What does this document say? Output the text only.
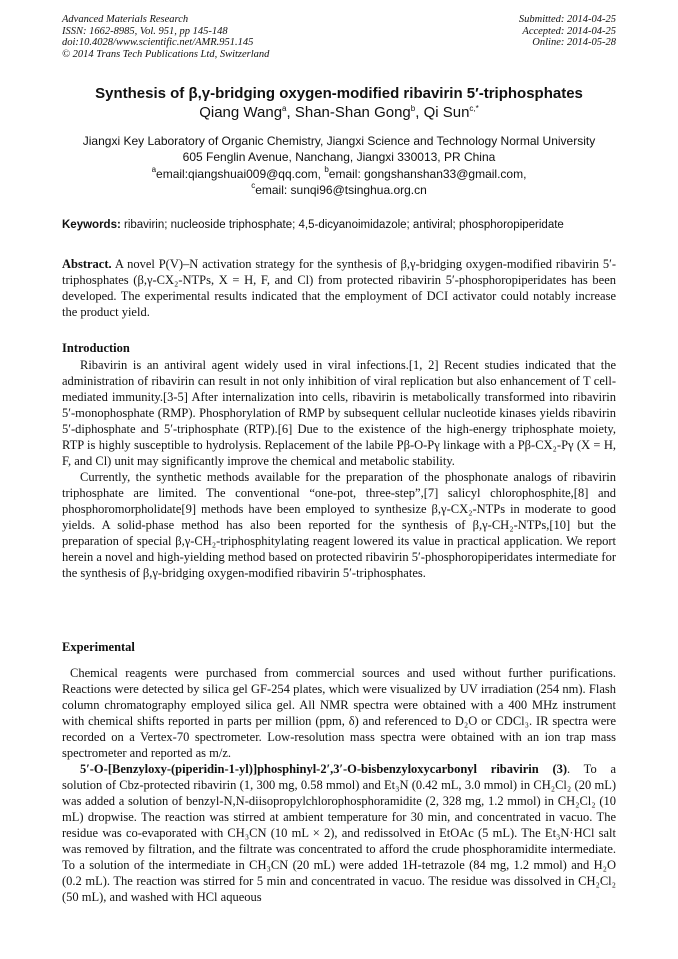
Advanced Materials Research
ISSN: 1662-8985, Vol. 951, pp 145-148
doi:10.4028/www.scientific.net/AMR.951.145
© 2014 Trans Tech Publications Ltd, Switzerland
Submitted: 2014-04-25
Accepted: 2014-04-25
Online: 2014-05-28
Synthesis of β,γ-bridging oxygen-modified ribavirin 5′-triphosphates
Qiang Wang$^a$, Shan-Shan Gong$^b$, Qi Sun$^{c,*}$
Jiangxi Key Laboratory of Organic Chemistry, Jiangxi Science and Technology Normal University
605 Fenglin Avenue, Nanchang, Jiangxi 330013, PR China
$^a$email:qiangshuai009@qq.com, $^b$email: gongshanshan33@gmail.com,
$^c$email: sunqi96@tsinghua.org.cn
Keywords: ribavirin; nucleoside triphosphate; 4,5-dicyanoimidazole; antiviral; phosphoropiperidate

Abstract. A novel P(V)–N activation strategy for the synthesis of β,γ-bridging oxygen-modified ribavirin 5′-triphosphates (β,γ-CX₂-NTPs, X = H, F, and Cl) from protected ribavirin 5′-phosphoropiperidates has been developed. The experimental results indicated that the employment of DCI activator could notably increase the product yield.

Introduction

Ribavirin is an antiviral agent widely used in viral infections.[1, 2] Recent studies indicated that the administration of ribavirin can result in not only inhibition of viral replication but also enhancement of T cell-mediated immunity.[3-5] After internalization into cells, ribavirin is metabolically transformed into ribavirin 5′-monophosphate (RMP). Phosphorylation of RMP by subsequent cellular nucleotide kinases yields ribavirin 5′-diphosphate and 5′-triphosphate (RTP).[6] Due to the existence of the high-energy triphosphate moiety, RTP is highly susceptible to hydrolysis. Replacement of the labile Pβ-O-Pγ linkage with a Pβ-CX₂-Pγ (X = H, F, and Cl) unit may significantly improve the chemical and metabolic stability.

Currently, the synthetic methods available for the preparation of the phosphonate analogs of ribavirin triphosphate are limited. The conventional “one-pot, three-step”,[7] salicyl chlorophosphite,[8] and phosphoromorpholidate[9] methods have been employed to synthesize β,γ-CX₂-NTPs in moderate to good yields. A solid-phase method has also been reported for the synthesis of β,γ-CH₂-NTPs,[10] but the preparation of special β,γ-CH₂-triphosphitylating reagent lowered its value in practical application. We report herein a novel and high-yielding method based on protected ribavirin 5′-phosphoropiperidates intermediate for the synthesis of β,γ-bridging oxygen-modified ribavirin 5′-triphosphates.

Experimental

Chemical reagents were purchased from commercial sources and used without further purifications. Reactions were detected by silica gel GF-254 plates, which were visualized by UV irradiation (254 nm). Flash column chromatography employed silica gel. All NMR spectra were obtained with a 400 MHz instrument with chemical shifts reported in parts per million (ppm, δ) and referenced to D₂O or CDCl₃. IR spectra were recorded on a Vertex-70 spectrometer. Low-resolution mass spectra were obtained with an ion trap mass spectrometer and reported as m/z.

5′-O-[Benzyloxy-(piperidin-1-yl)]phosphinyl-2′,3′-O-bisbenzyloxycarbonyl ribavirin (3). To a solution of Cbz-protected ribavirin (1, 300 mg, 0.58 mmol) and Et₃N (0.42 mL, 3.0 mmol) in CH₂Cl₂ (20 mL) was added a solution of benzyl-N,N-diisopropylchlorophosphoramidite (2, 328 mg, 1.2 mmol) in CH₂Cl₂ (10 mL) dropwise. The reaction was stirred at ambient temperature for 30 min, and concentrated in vacuo. The residue was co-evaporated with CH₃CN (10 mL × 2), and redissolved in EtOAc (5 mL). The Et₃N·HCl salt was removed by filtration, and the filtrate was concentrated to afford the crude phosphoramidite intermediate. To a solution of the intermediate in CH₃CN (20 mL) were added 1H-tetrazole (84 mg, 1.2 mmol) and H₂O (0.2 mL). The reaction was stirred for 5 min and concentrated in vacuo. The residue was dissolved in CH₂Cl₂ (50 mL), and washed with HCl aqueous
